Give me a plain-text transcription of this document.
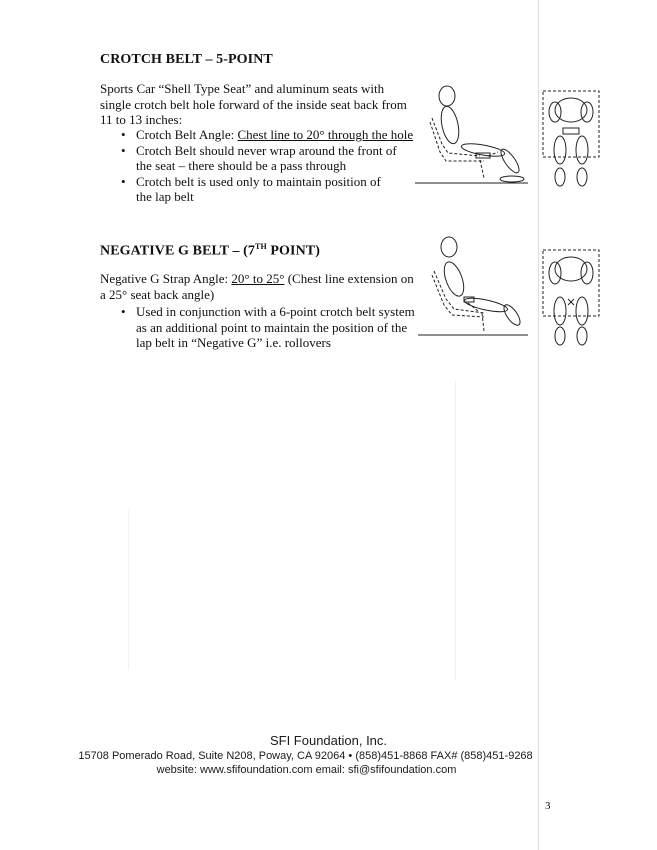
CROTCH BELT – 5-POINT
Sports Car “Shell Type Seat” and aluminum seats with single crotch belt hole forward of the inside seat back from 11 to 13 inches:
• Crotch Belt Angle: Chest line to 20° through the hole
• Crotch Belt should never wrap around the front of the seat – there should be a pass through
• Crotch belt is used only to maintain position of the lap belt
NEGATIVE G BELT – (7TH POINT)
Negative G Strap Angle: 20° to 25° (Chest line extension on a 25° seat back angle)
• Used in conjunction with a 6-point crotch belt system as an additional point to maintain the position of the lap belt in “Negative G” i.e. rollovers
SFI Foundation, Inc.
15708 Pomerado Road, Suite N208, Poway, CA 92064 • (858)451-8868 FAX# (858)451-9268
website: www.sfifoundation.com email: sfi@sfifoundation.com
3
